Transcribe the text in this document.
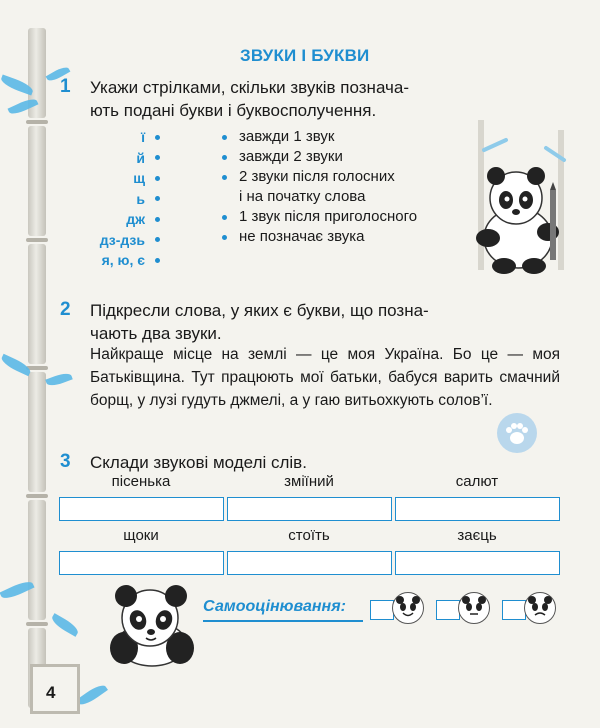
ЗВУКИ І БУКВИ
1 Укажи стрілками, скільки звуків познача-
ють подані букви і буквосполучення.
ї
й
щ
ь
дж
дз-дзь
я, ю, є
завжди 1 звук
завжди 2 звуки
2 звуки після голосних
і на початку слова
1 звук після приголосного
не позначає звука
2 Підкресли слова, у яких є букви, що позна-
чають два звуки.
Найкраще місце на землі — це моя Україна. Бо це — моя Батьківщина. Тут працюють мої батьки, бабуся варить смачний борщ, у лузі гудуть джмелі, а у гаю витьохкують солов’ї.
3 Склади звукові моделі слів.
пісенька	зміїний	салют
щоки	стоїть	заєць
Самооцінювання:
4
